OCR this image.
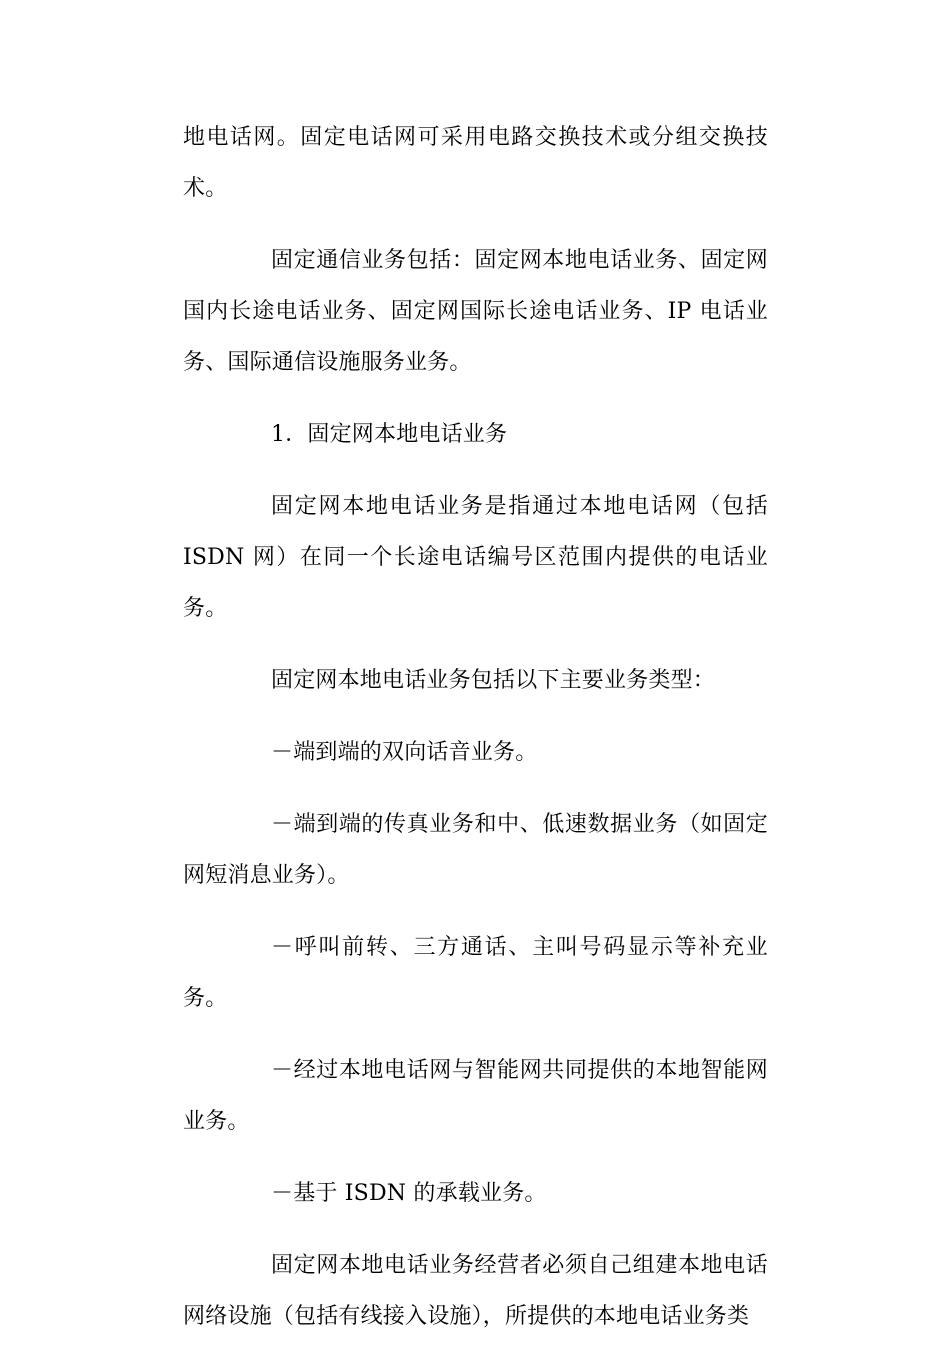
地电话网。固定电话网可采用电路交换技术或分组交换技术。

固定通信业务包括：固定网本地电话业务、固定网国内长途电话业务、固定网国际长途电话业务、IP 电话业务、国际通信设施服务业务。

1．固定网本地电话业务

固定网本地电话业务是指通过本地电话网（包括 ISDN 网）在同一个长途电话编号区范围内提供的电话业务。

固定网本地电话业务包括以下主要业务类型：

－端到端的双向话音业务。

－端到端的传真业务和中、低速数据业务（如固定网短消息业务）。

－呼叫前转、三方通话、主叫号码显示等补充业务。

－经过本地电话网与智能网共同提供的本地智能网业务。

－基于 ISDN 的承载业务。

固定网本地电话业务经营者必须自己组建本地电话网络设施（包括有线接入设施），所提供的本地电话业务类
